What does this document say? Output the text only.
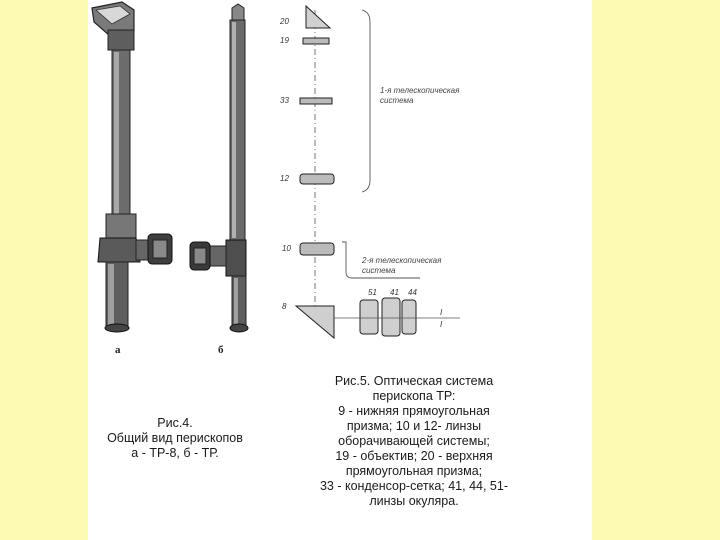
а	б
20
19
33
12
10
8
51 41 44
I
I
1-я телескопическая
система
2-я телескопическая
система
Рис.4.
Общий вид перископов
а - ТР-8, б - ТР.
Рис.5. Оптическая система
перископа ТР:
9 - нижняя прямоугольная
призма; 10 и 12- линзы
оборачивающей системы;
19 - объектив; 20 - верхняя
прямоугольная призма;
33 - конденсор-сетка; 41, 44, 51-
линзы окуляра.
